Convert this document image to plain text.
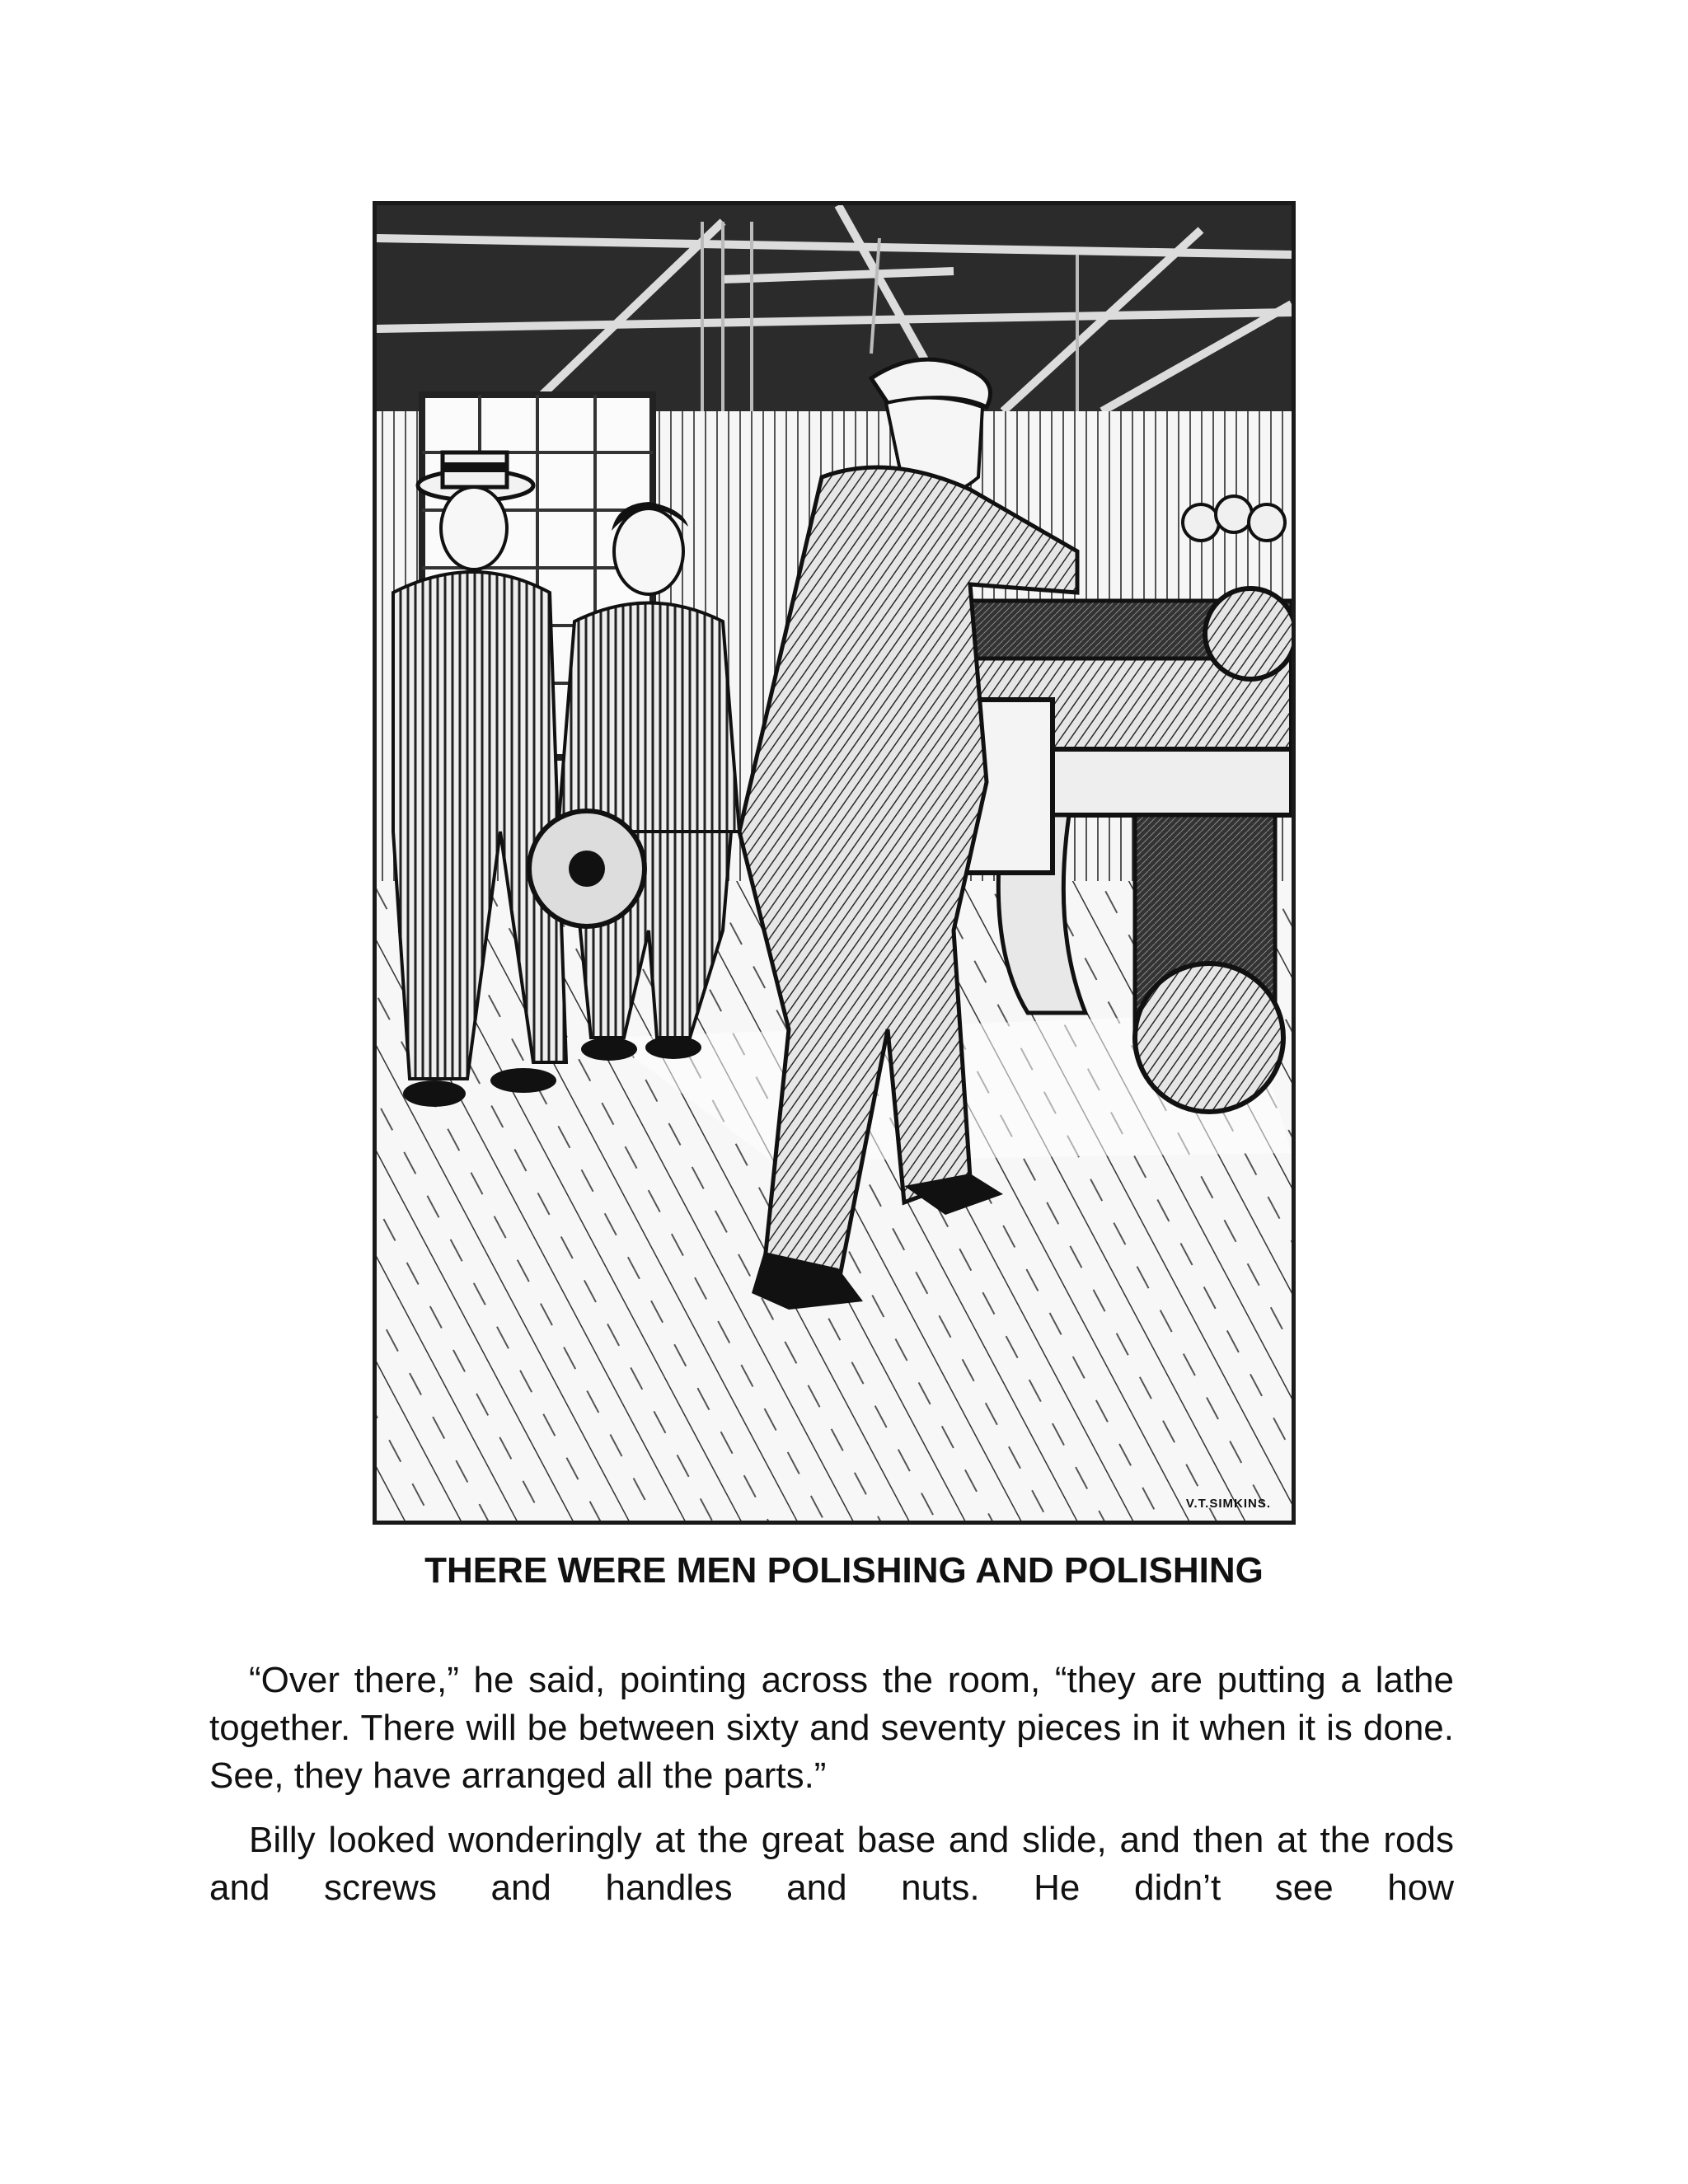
V.T.SIMKINS.
THERE WERE MEN POLISHING AND POLISHING

“Over there,” he said, pointing across the room, “they are putting a lathe together. There will be between sixty and seventy pieces in it when it is done. See, they have arranged all the parts.”

Billy looked wonderingly at the great base and slide, and then at the rods and screws and handles and nuts. He didn’t see how
